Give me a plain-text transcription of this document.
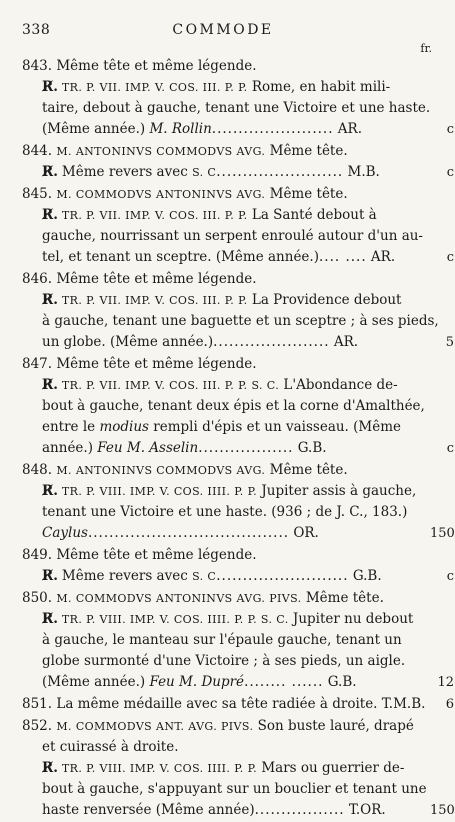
338	COMMODE
fr.
843. Même tête et même légende.
R̸. TR. P. VII. IMP. V. COS. III. P. P. Rome, en habit mili-
taire, debout à gauche, tenant une Victoire et une haste.
(Même année.) M. Rollin....................... AR.	c
844. M. ANTONINVS COMMODVS AVG. Même tête.
R̸. Même revers avec S. C........................ M.B.	c
845. M. COMMODVS ANTONINVS AVG. Même tête.
R̸. TR. P. VII. IMP. V. COS. III. P. P. La Santé debout à
gauche, nourrissant un serpent enroulé autour d'un au-
tel, et tenant un sceptre. (Même année.).... .... AR.	c
846. Même tête et même légende.
R̸. TR. P. VII. IMP. V. COS. III. P. P. La Providence debout
à gauche, tenant une baguette et un sceptre ; à ses pieds,
un globe. (Même année.)...................... AR.	5
847. Même tête et même légende.
R̸. TR. P. VII. IMP. V. COS. III. P. P. S. C. L'Abondance de-
bout à gauche, tenant deux épis et la corne d'Amalthée,
entre le modius rempli d'épis et un vaisseau. (Même
année.) Feu M. Asselin.................. G.B.	c
848. M. ANTONINVS COMMODVS AVG. Même tête.
R̸. TR. P. VIII. IMP. V. COS. IIII. P. P. Jupiter assis à gauche,
tenant une Victoire et une haste. (936 ; de J. C., 183.)
Caylus...................................... OR.	150
849. Même tête et même légende.
R̸. Même revers avec S. C......................... G.B.	c
850. M. COMMODVS ANTONINVS AVG. PIVS. Même tête.
R̸. TR. P. VIII. IMP. V. COS. IIII. P. P. S. C. Jupiter nu debout
à gauche, le manteau sur l'épaule gauche, tenant un
globe surmonté d'une Victoire ; à ses pieds, un aigle.
(Même année.) Feu M. Dupré........ ...... G.B.	12
851. La même médaille avec sa tête radiée à droite. T.M.B.	6
852. M. COMMODVS ANT. AVG. PIVS. Son buste lauré, drapé
et cuirassé à droite.
R̸. TR. P. VIII. IMP. V. COS. IIII. P. P. Mars ou guerrier de-
bout à gauche, s'appuyant sur un bouclier et tenant une
haste renversée (Même année)................. T.OR.	150
